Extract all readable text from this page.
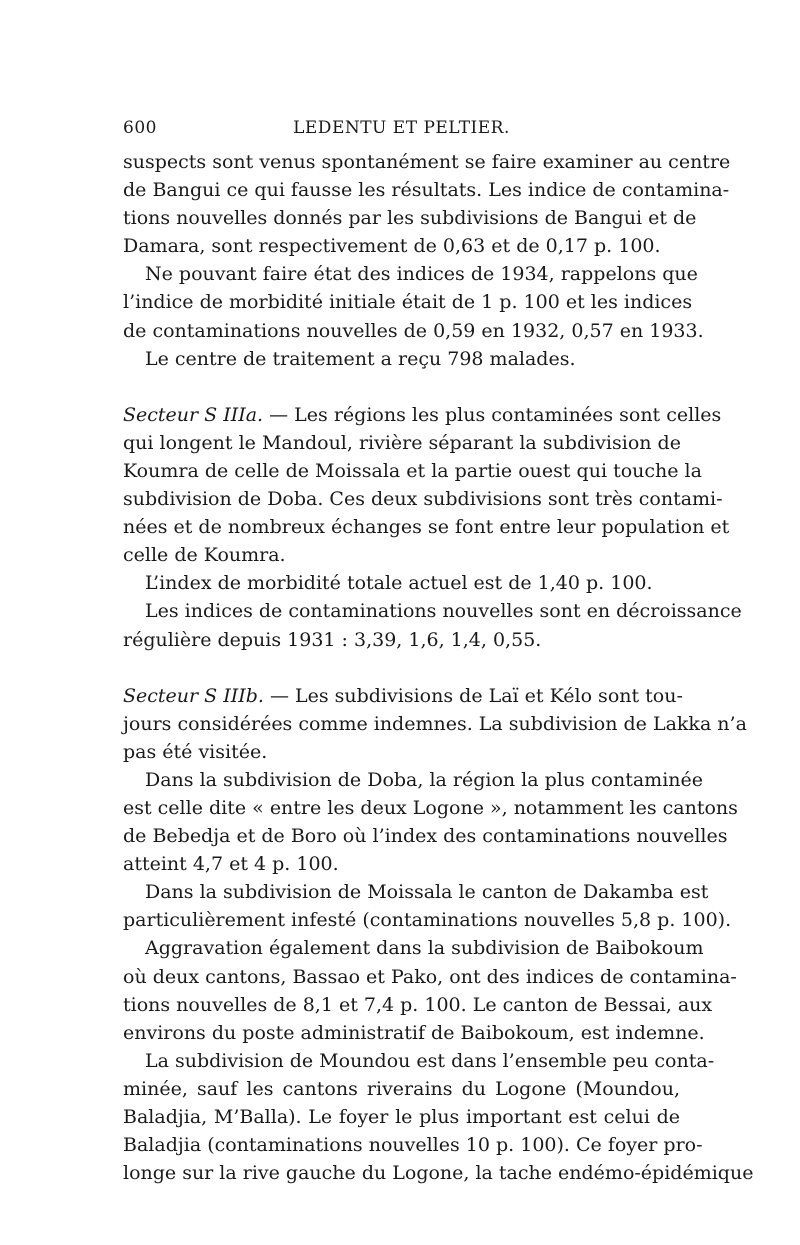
600	LEDENTU ET PELTIER.
suspects sont venus spontanément se faire examiner au centre
de Bangui ce qui fausse les résultats. Les indice de contamina-
tions nouvelles donnés par les subdivisions de Bangui et de
Damara, sont respectivement de 0,63 et de 0,17 p. 100.
Ne pouvant faire état des indices de 1934, rappelons que
l’indice de morbidité initiale était de 1 p. 100 et les indices
de contaminations nouvelles de 0,59 en 1932, 0,57 en 1933.
Le centre de traitement a reçu 798 malades.
Secteur S IIIa. — Les régions les plus contaminées sont celles
qui longent le Mandoul, rivière séparant la subdivision de
Koumra de celle de Moissala et la partie ouest qui touche la
subdivision de Doba. Ces deux subdivisions sont très contami-
nées et de nombreux échanges se font entre leur population et
celle de Koumra.
L’index de morbidité totale actuel est de 1,40 p. 100.
Les indices de contaminations nouvelles sont en décroissance
régulière depuis 1931 : 3,39, 1,6, 1,4, 0,55.
Secteur S IIIb. — Les subdivisions de Laï et Kélo sont tou-
jours considérées comme indemnes. La subdivision de Lakka n’a
pas été visitée.
Dans la subdivision de Doba, la région la plus contaminée
est celle dite « entre les deux Logone », notamment les cantons
de Bebedja et de Boro où l’index des contaminations nouvelles
atteint 4,7 et 4 p. 100.
Dans la subdivision de Moissala le canton de Dakamba est
particulièrement infesté (contaminations nouvelles 5,8 p. 100).
Aggravation également dans la subdivision de Baibokoum
où deux cantons, Bassao et Pako, ont des indices de contamina-
tions nouvelles de 8,1 et 7,4 p. 100. Le canton de Bessai, aux
environs du poste administratif de Baibokoum, est indemne.
La subdivision de Moundou est dans l’ensemble peu conta-
minée, sauf les cantons riverains du Logone (Moundou,
Baladjia, M’Balla). Le foyer le plus important est celui de
Baladjia (contaminations nouvelles 10 p. 100). Ce foyer pro-
longe sur la rive gauche du Logone, la tache endémo-épidémique
